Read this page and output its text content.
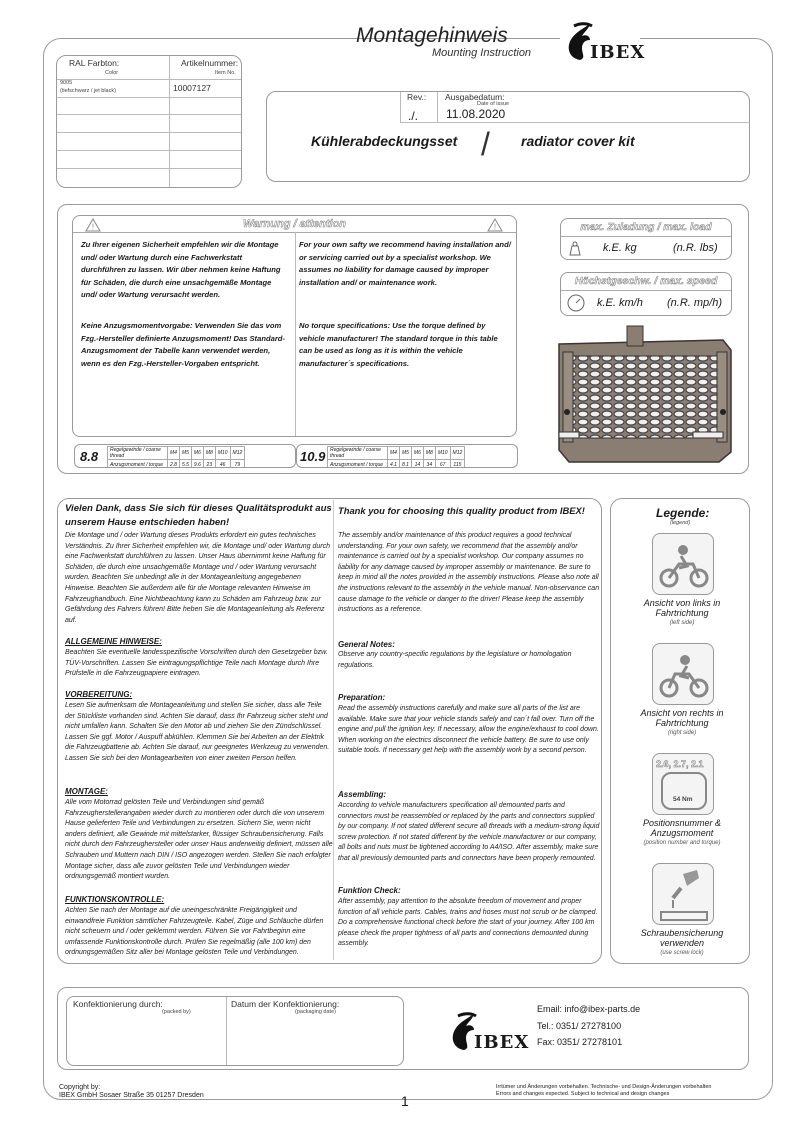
Montagehinweis
Mounting Instruction	IBEX
RAL Farbton:
Color
Artikelnummer:
Item No.
9005
(tiefschwarz / jet black)	10007127
Rev.:
./.
Ausgabedatum:
Date of issue
11.08.2020
Kühlerabdeckungsset / radiator cover kit
!	!
Warnung / attention
Zu Ihrer eigenen Sicherheit empfehlen wir die Montage und/ oder Wartung durch eine Fachwerkstatt durchführen zu lassen. Wir über nehmen keine Haftung für Schäden, die durch eine unsachgemäße Montage und/ oder Wartung verursacht werden.
Keine Anzugsmomentvorgabe: Verwenden Sie das vom Fzg.-Hersteller definierte Anzugsmoment! Das Standard-Anzugsmoment der Tabelle kann verwendet werden, wenn es den Fzg.-Hersteller-Vorgaben entspricht.
For your own safty we recommend having installation and/ or servicing carried out by a specialist workshop. We assumes no liability for damage caused by improper installation and/ or maintenance work.
No torque specifications: Use the torque defined by vehicle manufacturer! The standard torque in this table can be used as long as it is within the vehicle manufacturer´s specifications.
8.8 Regelgewinde / coarse thread	M4	M5	M6	M8	M10	M12
Anzugsmoment / torque	2.8	5.5	9.6	23	46	79
10.9 Regelgewinde / coarse thread	M4	M5	M6	M8	M10	M12
Anzugsmoment / torque	4.1	8.1	14	34	67	115
max. Zuladung / max. load
k.E. kg	(n.R. lbs)
Höchstgeschw. / max. speed
k.E. km/h (n.R. mp/h)
Vielen Dank, dass Sie sich für dieses Qualitätsprodukt aus unserem Hause entschieden haben!
Die Montage und / oder Wartung dieses Produkts erfordert ein gutes technisches Verständnis. Zu Ihrer Sicherheit empfehlen wir, die Montage und/ oder Wartung durch eine Fachwerkstatt durchführen zu lassen. Unser Haus übernimmt keine Haftung für Schäden, die durch eine unsachgemäße Montage und / oder Wartung verursacht wurden. Beachten Sie unbedingt alle in der Montageanleitung angegebenen Hinweise. Beachten Sie außerdem alle für die Montage relevanten Hinweise im Fahrzeughandbuch. Eine Nichtbeachtung kann zu Schäden am Fahrzeug bzw. zur Gefährdung des Fahrers führen! Bitte heben Sie die Montageanleitung als Referenz auf.
ALLGEMEINE HINWEISE:
Beachten Sie eventuelle landesspezifische Vorschriften durch den Gesetzgeber bzw. TÜV-Vorschriften. Lassen Sie eintragungspflichtige Teile nach Montage durch Ihre Prüfstelle in die Fahrzeugpapiere eintragen.
VORBEREITUNG:
Lesen Sie aufmerksam die Montageanleitung und stellen Sie sicher, dass alle Teile der Stückliste vorhanden sind. Achten Sie darauf, dass Ihr Fahrzeug sicher steht und nicht umfallen kann. Schalten Sie den Motor ab und ziehen Sie den Zündschlüssel. Lassen Sie ggf. Motor / Auspuff abkühlen. Klemmen Sie bei Arbeiten an der Elektrik die Fahrzeugbatterie ab. Achten Sie darauf, nur geeignetes Werkzeug zu verwenden. Lassen Sie sich bei den Montagearbeiten von einer zweiten Person helfen.
MONTAGE:
Alle vom Motorrad gelösten Teile und Verbindungen sind gemäß Fahrzeugherstellerangaben wieder durch zu montieren oder durch die von unserem Hause gelieferten Teile und Verbindungen zu ersetzen. Sichern Sie, wenn nicht anders definiert, alle Gewinde mit mittelstarker, flüssiger Schraubensicherung. Falls nicht durch den Fahrzeughersteller oder unser Haus anderweitig definiert, müssen alle Schrauben und Muttern nach DIN / ISO angezogen werden. Stellen Sie nach erfolgter Montage sicher, dass alle zuvor gelösten Teile und Verbindungen wieder ordnungsgemäß montiert wurden.
FUNKTIONSKONTROLLE:
Achten Sie nach der Montage auf die uneingeschränkte Freigängigkeit und einwandfreie Funktion sämtlicher Fahrzeugteile. Kabel, Züge und Schläuche dürfen nicht scheuern und / oder geklemmt werden. Führen Sie vor Fahrtbeginn eine umfassende Funktionskontrolle durch. Prüfen Sie regelmäßig (alle 100 km) den ordnungsgemäßen Sitz aller bei Montage gelösten Teile und Verbindungen.
Thank you for choosing this quality product from IBEX!
The assembly and/or maintenance of this product requires a good technical understanding. For your own safety, we recommend that the assembly and/or maintenance is carried out by a specialist workshop. Our company assumes no liability for any damage caused by improper assembly or maintenance. Be sure to keep in mind all the notes provided in the assembly instructions. Please also note all the instructions relevant to the assembly in the vehicle manual. Non-observance can cause damage to the vehicle or danger to the driver! Please keep the assembly instructions as a reference.
General Notes:
Observe any country-specific regulations by the legislature or homologation regulations.
Preparation:
Read the assembly instructions carefully and make sure all parts of the list are available. Make sure that your vehicle stands safely and can´t fall over. Turn off the engine and pull the ignition key. If necessary, allow the engine/exhaust to cool down. When working on the electrics disconnect the vehicle battery. Be sure to use only suitable tools. If necessary get help with the assembly work by a second person.
Assembling:
According to vehicle manufacturers specification all demounted parts and connectors must be reassembled or replaced by the parts and connectors supplied by our company. If not stated different secure all threads with a medium-strong liquid screw protection. If not stated different by the vehicle manufacturer or our company, all bolts and nuts must be tightened according to A4/ISO. After assembly, make sure that all previously demounted parts and connectors have been properly remounted.
Funktion Check:
After assembly, pay attention to the absolute freedom of movement and proper function of all vehicle parts. Cables, trains and hoses must not scrub or be clamped. Do a comprehensive functional check before the start of your journey. After 100 km please check the proper tightness of all parts and connections demounted during assembly.
Legende:
(legend)
Ansicht von links in Fahrtrichtung
(left side)
Ansicht von rechts in Fahrtrichtung
(right side)
2.6, 2.7, 2.1
54 Nm
Positionsnummer & Anzugsmoment
(position number and torque)
Schraubensicherung verwenden
(use screw lock)
Konfektionierung durch:
(packed by)
Datum der Konfektionierung:
(packaging date)
IBEX
Email: info@ibex-parts.de
Tel.: 0351/ 27278100
Fax: 0351/ 27278101
Copyright by:
IBEX GmbH Sosaer Straße 35 01257 Dresden	1
Irrtümer und Änderungen vorbehalten. Technische- und Design-Änderungen vorbehalten
Errors and changes expected. Subject to technical and design changes
